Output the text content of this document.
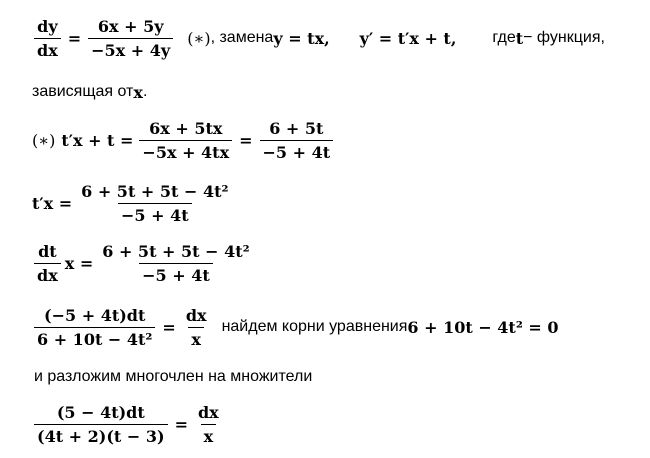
$\frac{dy}{dx} = \frac{6x + 5y}{-5x + 4y}$ (∗) , замена y = tx, y′ = t′x + t, где t − функция,
зависящая от x .
(∗) $t'x + t = \frac{6x + 5tx}{-5x + 4tx} = \frac{6 + 5t}{-5 + 4t}$
$t'x = \frac{\text{6 + 5t + 5t − 4t²}}{-5 + 4t}$
$\frac{dt}{dx}$ $x = \frac{\text{6 + 5t + 5t − 4t²}}{-5 + 4t}$
$\frac{(-5 + 4t)dt}{\text{6 + 10t − 4t²}} = \frac{dx}{x}$ найдем корни уравнения 6 + 10t − 4t² = 0
и разложим многочлен на множители
$\frac{(5 - 4t)dt}{(4t + 2)(t - 3)} = \frac{dx}{x}$
